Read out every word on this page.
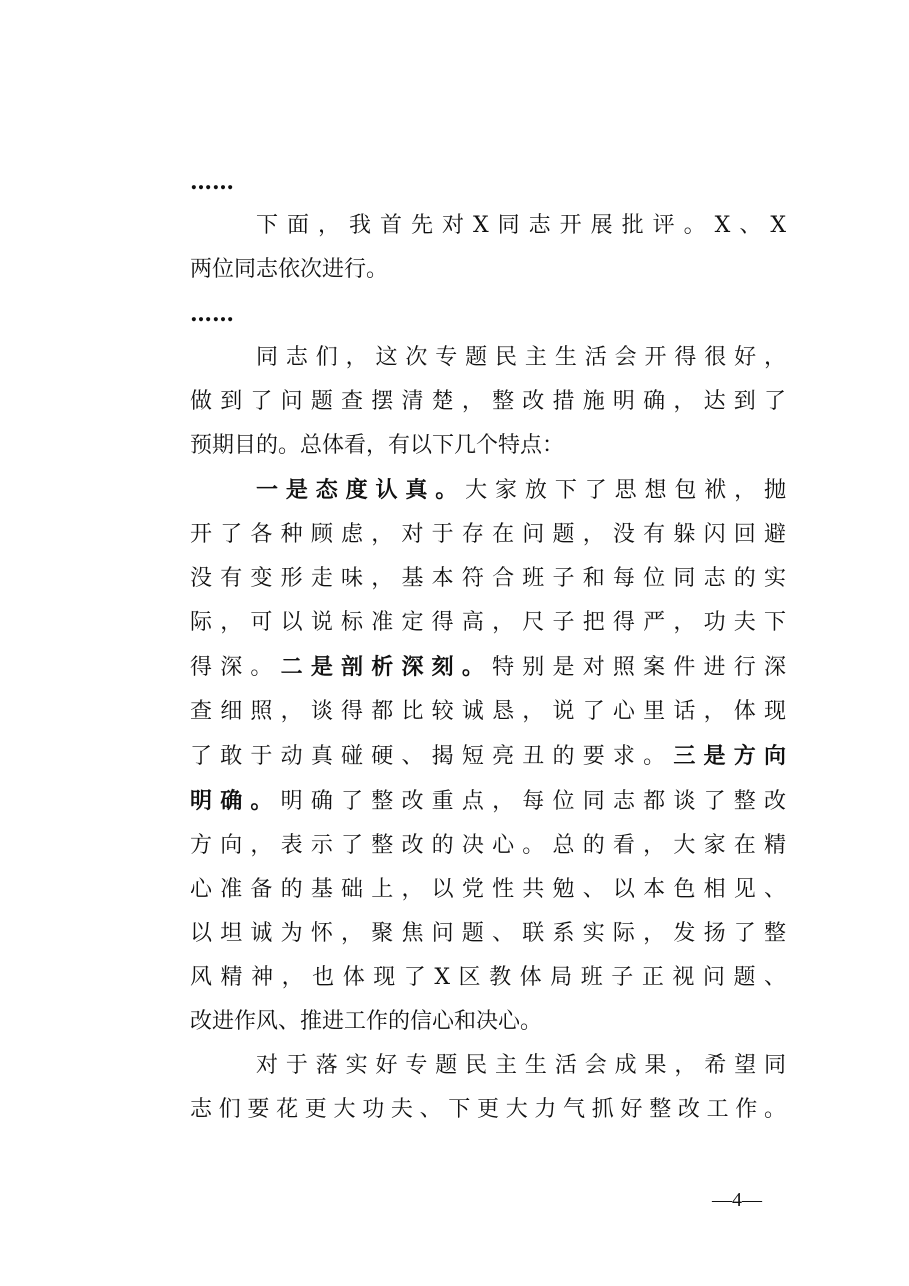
……

下面，我首先对X同志开展批评。X、X
两位同志依次进行。

……

同志们，这次专题民主生活会开得很好，
做到了问题查摆清楚，整改措施明确，达到了
预期目的。总体看，有以下几个特点：
一是态度认真。大家放下了思想包袱，抛
开了各种顾虑，对于存在问题，没有躲闪回避
没有变形走味，基本符合班子和每位同志的实
际，可以说标准定得高，尺子把得严，功夫下
得深。二是剖析深刻。特别是对照案件进行深
查细照，谈得都比较诚恳，说了心里话，体现
了敢于动真碰硬、揭短亮丑的要求。三是方向
明确。明确了整改重点，每位同志都谈了整改
方向，表示了整改的决心。总的看，大家在精
心准备的基础上，以党性共勉、以本色相见、
以坦诚为怀，聚焦问题、联系实际，发扬了整
风精神，也体现了X区教体局班子正视问题、
改进作风、推进工作的信心和决心。
对于落实好专题民主生活会成果，希望同
志们要花更大功夫、下更大力气抓好整改工作。
—4—
